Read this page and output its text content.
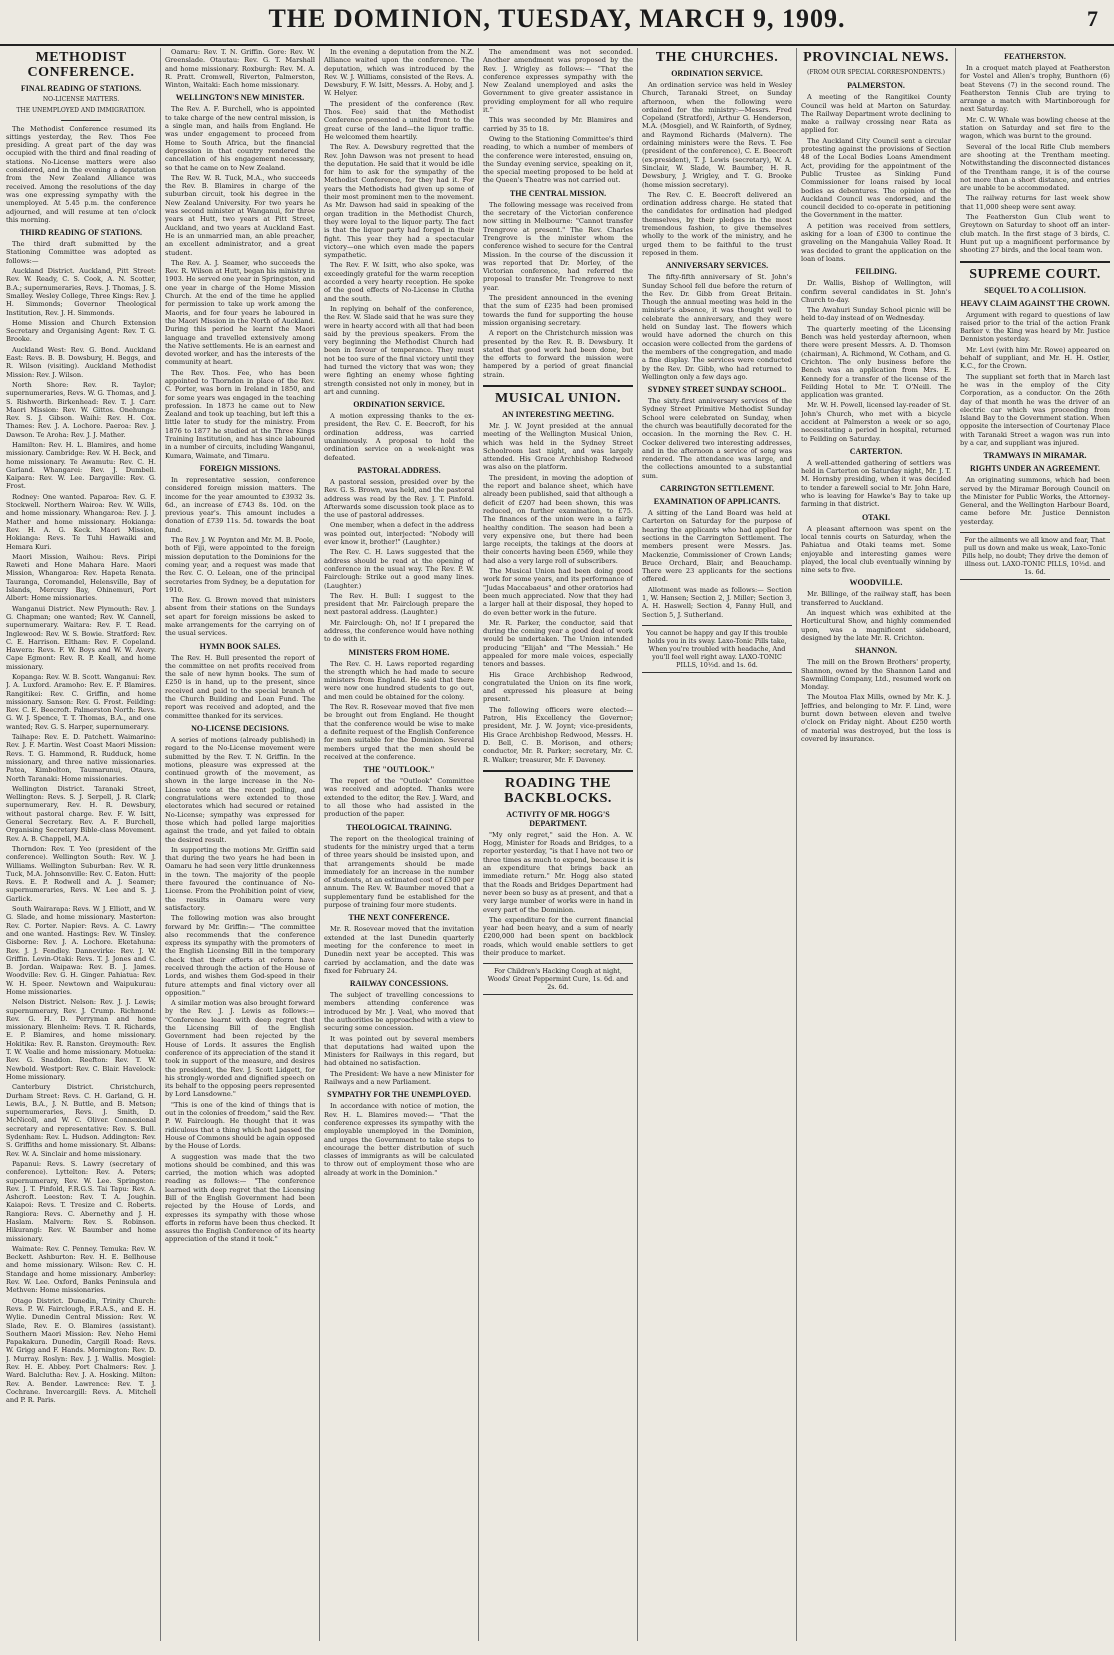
THE DOMINION, TUESDAY, MARCH 9, 1909.	7
METHODIST CONFERENCE.
FINAL READING OF STATIONS.
NO-LICENSE MATTERS.
THE UNEMPLOYED AND IMMIGRATION.

The Methodist Conference resumed its sittings yesterday, the Rev. Thos Fee presiding. A great part of the day was occupied with the third and final reading of stations. No-License matters were also considered, and in the evening a deputation from the New Zealand Alliance was received. Among the resolutions of the day was one expressing sympathy with the unemployed. At 5.45 p.m. the conference adjourned, and will resume at ten o'clock this morning.

THIRD READING OF STATIONS.

The third draft submitted by the Stationing Committee was adopted as follows:—

Auckland District. Auckland, Pitt Street: Rev. W. Ready, C. S. Cook, A. N. Scotter, B.A.; supernumeraries, Revs. J. Thomas, J. S. Smalley. Wesley College, Three Kings: Rev. J. H. Simmonds; Governor Theological Institution, Rev. J. H. Simmonds.

Home Mission and Church Extension Secretary and Organising Agent: Rev. T. G. Brooke.

Auckland West: Rev. G. Bond. Auckland East: Revs. B. B. Dowsbury, H. Beggs, and R. Wilson (visiting). Auckland Methodist Mission: Rev. J. Wilson.

North Shore: Rev. R. Taylor; supernumeraries, Revs. W. G. Thomas, and J. S. Rishworth. Birkenhead: Rev. T. J. Carr. Maori Mission: Rev. W. Gittos. Onehunga: Rev. S. J. Gibson. Waihi: Rev. H. Cox. Thames: Rev. J. A. Lochore. Paeroa: Rev. J. Dawson. Te Aroha: Rev. J. J. Mather.

Hamilton: Rev. H. L. Blamires, and home missionary. Cambridge: Rev. W. H. Beck, and home missionary. Te Awamutu: Rev. C. H. Garland. Whangarei: Rev. J. Dumbell. Kaipara: Rev. W. Lee. Dargaville: Rev. G. Frost.

Rodney: One wanted. Paparoa: Rev. G. F. Stockwell. Northern Wairoa: Rev. W. Wills, and home missionary. Whangaroa: Rev. J. J. Mather and home missionary. Hokianga: Rev. H. A. G. Keck. Maori Mission, Hokianga: Revs. Te Tuhi Hawaiki and Hemara Kuri.

Maori Mission, Waihou: Revs. Piripi Raweti and Hone Mahara Hare. Maori Mission, Whangaroa: Rev. Hapeta Renata. Tauranga, Coromandel, Helensville, Bay of Islands, Mercury Bay, Ohinemuri, Port Albert: Home missionaries.

Wanganui District. New Plymouth: Rev. J. G. Chapman; one wanted; Rev. W. Cannell, supernumerary. Waitara: Rev. F. T. Read. Inglewood: Rev. W. S. Bowie. Stratford: Rev. C. E. Harrison. Eltham: Rev. F. Copeland. Hawera: Revs. F. W. Boys and W. W. Avery. Cape Egmont: Rev. R. P. Keall, and home missionary.

Kopanga: Rev. W. B. Scott. Wanganui: Rev. J. A. Luxford. Aramoho: Rev. E. P. Blamires. Rangitikei: Rev. C. Griffin, and home missionary. Sanson: Rev. G. Frost. Feilding: Rev. C. E. Beecroft. Palmerston North: Revs. G. W. J. Spence, T. T. Thomas, B.A., and one wanted; Rev. G. S. Harper, supernumerary.

Taihape: Rev. E. D. Patchett. Waimarino: Rev. J. F. Martin. West Coast Maori Mission: Revs. T. G. Hammond, R. Rudduck, home missionary, and three native missionaries. Patea, Kimbolton, Taumarunui, Otaura, North Taranaki: Home missionaries.

Wellington District. Taranaki Street, Wellington: Revs. S. J. Serpell, J. R. Clark; supernumerary, Rev. H. R. Dewsbury, without pastoral charge. Rev. F. W. Isitt, General Secretary. Rev. A. F. Burchell, Organising Secretary Bible-class Movement. Rev. A. B. Chappell, M.A.

Thorndon: Rev. T. Yeo (president of the conference). Wellington South: Rev. W. J. Williams. Wellington Suburban: Rev. W. R. Tuck, M.A. Johnsonville: Rev. C. Eaton. Hutt: Revs. E. P. Rodwell and A. J. Seamer; supernumeraries, Revs. W. Lee and S. J. Garlick.

South Wairarapa: Revs. W. J. Elliott, and W. G. Slade, and home missionary. Masterton: Rev. C. Porter. Napier: Revs. A. C. Lawry and one wanted. Hastings: Rev. W. Tinsley. Gisborne: Rev. J. A. Lochore. Eketahuna: Rev. J. J. Fendley. Dannevirke: Rev. J. W. Griffin. Levin-Otaki: Revs. T. J. Jones and C. B. Jordan. Waipawa: Rev. B. J. James. Woodville: Rev. G. H. Ginger. Pahiatua: Rev. W. H. Speer. Newtown and Waipukurau: Home missionaries.

Nelson District. Nelson: Rev. J. J. Lewis; supernumerary, Rev. J. Crump. Richmond: Rev. G. H. D. Perryman and home missionary. Blenheim: Revs. T. R. Richards, E. P. Blamires, and home missionary. Hokitika: Rev. R. Ranston. Greymouth: Rev. T. W. Vealie and home missionary. Motueka: Rev. G. Snaddon. Reefton: Rev. T. W. Newbold. Westport: Rev. C. Blair. Havelock: Home missionary.

Canterbury District. Christchurch, Durham Street: Revs. C. H. Garland, G. H. Lewis, B.A., J. N. Buttle, and B. Metson; supernumeraries, Revs. J. Smith, D. McNicoll, and W. C. Oliver. Connexional secretary and representative: Rev. S. Bull. Sydenham: Rev. L. Hudson. Addington: Rev. S. Griffiths and home missionary. St. Albans: Rev. W. A. Sinclair and home missionary.

Papanui: Revs. S. Lawry (secretary of conference). Lyttelton: Rev. A. Peters; supernumerary, Rev. W. Lee. Springston: Rev. J. T. Pinfold, F.R.G.S. Tai Tapu: Rev. A. Ashcroft. Leeston: Rev. T. A. Joughin. Kaiapoi: Revs. T. Tresize and C. Roberts. Rangiora: Revs. C. Abernethy and J. H. Haslam. Malvern: Rev. S. Robinson. Hikurangi: Rev. W. Baumber and home missionary.

Waimate: Rev. C. Penney. Temuka: Rev. W. Beckett. Ashburton: Rev. H. E. Bellhouse and home missionary. Wilson: Rev. C. H. Standage and home missionary. Amberley: Rev. W. Lee. Oxford, Banks Peninsula and Methven: Home missionaries.

Otago District. Dunedin, Trinity Church: Revs. P. W. Fairclough, F.R.A.S., and E. H. Wylie. Dunedin Central Mission: Rev. W. Slade, Rev. E. O. Blamires (assistant). Southern Maori Mission: Rev. Neho Hemi Papakakura. Dunedin, Cargill Road: Revs. W. Grigg and F. Hands. Mornington: Rev. D. J. Murray. Roslyn: Rev. J. J. Wallis. Mosgiel: Rev. H. E. Abbey. Port Chalmers: Rev. J. Ward. Balclutha: Rev. J. A. Hosking. Milton: Rev. A. Bender. Lawrence: Rev. T. J. Cochrane. Invercargill: Revs. A. Mitchell and P. R. Paris.

Oamaru: Rev. T. N. Griffin. Gore: Rev. W. Greenslade. Otautau: Rev. G. T. Marshall and home missionary. Roxburgh: Rev. M. A. R. Pratt. Cromwell, Riverton, Palmerston, Winton, Waitaki: Each home missionary.

WELLINGTON'S NEW MINISTER.

The Rev. A. F. Burchell, who is appointed to take charge of the new central mission, is a single man, and hails from England. He was under engagement to proceed from Home to South Africa, but the financial depression in that country rendered the cancellation of his engagement necessary, so that he came on to New Zealand.

The Rev. W. R. Tuck, M.A., who succeeds the Rev. B. Blamires in charge of the suburban circuit, took his degree in the New Zealand University. For two years he was second minister at Wanganui, for three years at Hutt, two years at Pitt Street, Auckland, and two years at Auckland East. He is an unmarried man, an able preacher, an excellent administrator, and a great student.

The Rev. A. J. Seamer, who succeeds the Rev. R. Wilson at Hutt, began his ministry in 1903. He served one year in Springston, and one year in charge of the Home Mission Church. At the end of the time he applied for permission to take up work among the Maoris, and for four years he laboured in the Maori Mission in the North of Auckland. During this period he learnt the Maori language and travelled extensively among the Native settlements. He is an earnest and devoted worker, and has the interests of the community at heart.

The Rev. Thos. Fee, who has been appointed to Thorndon in place of the Rev. C. Porter, was born in Ireland in 1850, and for some years was engaged in the teaching profession. In 1873 he came out to New Zealand and took up teaching, but left this a little later to study for the ministry. From 1876 to 1877 he studied at the Three Kings Training Institution, and has since laboured in a number of circuits, including Wanganui, Kumara, Waimate, and Timaru.

FOREIGN MISSIONS.

In representative session, conference considered foreign mission matters. The income for the year amounted to £3932 3s. 6d., an increase of £743 8s. 10d. on the previous year's. This amount includes a donation of £739 11s. 5d. towards the boat fund.

The Rev. J. W. Poynton and Mr. M. B. Poole, both of Fiji, were appointed to the foreign mission deputation to the Dominions for the coming year, and a request was made that the Rev. C. O. Lelean, one of the principal secretaries from Sydney, be a deputation for 1910.

The Rev. G. Brown moved that ministers absent from their stations on the Sundays set apart for foreign missions be asked to make arrangements for the carrying on of the usual services.

HYMN BOOK SALES.

The Rev. H. Bull presented the report of the committee on net profits received from the sale of new hymn books. The sum of £250 is in hand, up to the present, since received and paid to the special branch of the Church Building and Loan Fund. The report was received and adopted, and the committee thanked for its services.

NO-LICENSE DECISIONS.

A series of motions (already published) in regard to the No-License movement were submitted by the Rev. T. N. Griffin. In the motions, pleasure was expressed at the continued growth of the movement, as shown in the large increase in the No-License vote at the recent polling, and congratulations were extended to those electorates which had secured or retained No-License; sympathy was expressed for those which had polled large majorities against the trade, and yet failed to obtain the desired result.

In supporting the motions Mr. Griffin said that during the two years he had been in Oamaru he had seen very little drunkenness in the town. The majority of the people there favoured the continuance of No-License. From the Prohibition point of view, the results in Oamaru were very satisfactory.

The following motion was also brought forward by Mr. Griffin:— "The committee also recommends that the conference express its sympathy with the promoters of the English Licensing Bill in the temporary check that their efforts at reform have received through the action of the House of Lords, and wishes them God-speed in their future attempts and final victory over all opposition."

A similar motion was also brought forward by the Rev. J. J. Lewis as follows:— "Conference learnt with deep regret that the Licensing Bill of the English Government had been rejected by the House of Lords. It assures the English conference of its appreciation of the stand it took in support of the measure, and desires the president, the Rev. J. Scott Lidgett, for his strongly-worded and dignified speech on its behalf to the opposing peers represented by Lord Lansdowne."

"This is one of the kind of things that is out in the colonies of freedom," said the Rev. P. W. Fairclough. He thought that it was ridiculous that a thing which had passed the House of Commons should be again opposed by the House of Lords.

A suggestion was made that the two motions should be combined, and this was carried, the motion which was adopted reading as follows:— "The conference learned with deep regret that the Licensing Bill of the English Government had been rejected by the House of Lords, and expresses its sympathy with those whose efforts in reform have been thus checked. It assures the English Conference of its hearty appreciation of the stand it took."

In the evening a deputation from the N.Z. Alliance waited upon the conference. The deputation, which was introduced by the Rev. W. J. Williams, consisted of the Revs. A. Dewsbury, F. W. Isitt, Messrs. A. Hoby, and J. W. Helyer.

The president of the conference (Rev. Thos. Fee) said that the Methodist Conference presented a united front to the great curse of the land—the liquor traffic. He welcomed them heartily.

The Rev. A. Dewsbury regretted that the Rev. John Dawson was not present to head the deputation. He said that it would be idle for him to ask for the sympathy of the Methodist Conference, for they had it. For years the Methodists had given up some of their most prominent men to the movement. As Mr. Dawson had said in speaking of the organ tradition in the Methodist Church, they were loyal to the liquor party. The fact is that the liquor party had forged in their fight. This year they had a spectacular victory—one which even made the papers sympathetic.

The Rev. F. W. Isitt, who also spoke, was exceedingly grateful for the warm reception accorded a very hearty reception. He spoke of the good effects of No-License in Clutha and the south.

In replying on behalf of the conference, the Rev. W. Slade said that he was sure they were in hearty accord with all that had been said by the previous speakers. From the very beginning the Methodist Church had been in favour of temperance. They must not be too sure of the final victory until they had turned the victory that was won; they were fighting an enemy whose fighting strength consisted not only in money, but in art and cunning.

ORDINATION SERVICE.

A motion expressing thanks to the ex-president, the Rev. C. E. Beecroft, for his ordination address, was carried unanimously. A proposal to hold the ordination service on a week-night was defeated.

PASTORAL ADDRESS.

A pastoral session, presided over by the Rev. G. S. Brown, was held, and the pastoral address was read by the Rev. J. T. Pinfold. Afterwards some discussion took place as to the use of pastoral addresses.

One member, when a defect in the address was pointed out, interjected: "Nobody will ever know it, brother!" (Laughter.)

The Rev. C. H. Laws suggested that the address should be read at the opening of conference in the usual way. The Rev. P. W. Fairclough: Strike out a good many lines. (Laughter.)

The Rev. H. Bull: I suggest to the president that Mr. Fairclough prepare the next pastoral address. (Laughter.)

Mr. Fairclough: Oh, no! If I prepared the address, the conference would have nothing to do with it.

MINISTERS FROM HOME.

The Rev. C. H. Laws reported regarding the strength which he had made to secure ministers from England. He said that there were now one hundred students to go out, and men could be obtained for the colony.

The Rev. R. Rosevear moved that five men be brought out from England. He thought that the conference would be wise to make a definite request of the English Conference for men suitable for the Dominion. Several members urged that the men should be received at the conference.

THE "OUTLOOK."

The report of the "Outlook" Committee was received and adopted. Thanks were extended to the editor, the Rev. J. Ward, and to all those who had assisted in the production of the paper.

THEOLOGICAL TRAINING.

The report on the theological training of students for the ministry urged that a term of three years should be insisted upon, and that arrangements should be made immediately for an increase in the number of students, at an estimated cost of £300 per annum. The Rev. W. Baumber moved that a supplementary fund be established for the purpose of training four more students.

THE NEXT CONFERENCE.

Mr. R. Rosevear moved that the invitation extended at the last Dunedin quarterly meeting for the conference to meet in Dunedin next year be accepted. This was carried by acclamation, and the date was fixed for February 24.

RAILWAY CONCESSIONS.

The subject of travelling concessions to members attending conference was introduced by Mr. J. Veal, who moved that the authorities be approached with a view to securing some concession.

It was pointed out by several members that deputations had waited upon the Ministers for Railways in this regard, but had obtained no satisfaction.

The President: We have a new Minister for Railways and a new Parliament.

SYMPATHY FOR THE UNEMPLOYED.

In accordance with notice of motion, the Rev. H. L. Blamires moved:— "That the conference expresses its sympathy with the employable unemployed in the Dominion, and urges the Government to take steps to encourage the better distribution of such classes of immigrants as will be calculated to throw out of employment those who are already at work in the Dominion."

The amendment was not seconded. Another amendment was proposed by the Rev. J. Wrigley as follows:— "That the conference expresses sympathy with the New Zealand unemployed and asks the Government to give greater assistance in providing employment for all who require it."

This was seconded by Mr. Blamires and carried by 35 to 18.

Owing to the Stationing Committee's third reading, to which a number of members of the conference were interested, ensuing on, the Sunday evening service, speaking on it, the special meeting proposed to be held at the Queen's Theatre was not carried out.

THE CENTRAL MISSION.

The following message was received from the secretary of the Victorian conference now sitting in Melbourne: "Cannot transfer Trengrove at present." The Rev. Charles Trengrove is the minister whom the conference wished to secure for the Central Mission. In the course of the discussion it was reported that Dr. Morley, of the Victorian conference, had referred the proposal to transfer Mr. Trengrove to next year.

The president announced in the evening that the sum of £235 had been promised towards the fund for supporting the house mission organising secretary.

A report on the Christchurch mission was presented by the Rev. R. B. Dewsbury. It stated that good work had been done, but the efforts to forward the mission were hampered by a period of great financial strain.

MUSICAL UNION.
AN INTERESTING MEETING.

Mr. J. W. Joynt presided at the annual meeting of the Wellington Musical Union, which was held in the Sydney Street Schoolroom last night, and was largely attended. His Grace Archbishop Redwood was also on the platform.

The president, in moving the adoption of the report and balance sheet, which have already been published, said that although a deficit of £207 had been shown, this was reduced, on further examination, to £75. The finances of the union were in a fairly healthy condition. The season had been a very expensive one, but there had been large receipts, the takings at the doors at their concerts having been £569, while they had also a very large roll of subscribers.

The Musical Union had been doing good work for some years, and its performance of "Judas Maccabaeus" and other oratorios had been much appreciated. Now that they had a larger hall at their disposal, they hoped to do even better work in the future.

Mr. R. Parker, the conductor, said that during the coming year a good deal of work would be undertaken. The Union intended producing "Elijah" and "The Messiah." He appealed for more male voices, especially tenors and basses.

His Grace Archbishop Redwood, congratulated the Union on its fine work, and expressed his pleasure at being present.

The following officers were elected:— Patron, His Excellency the Governor; president, Mr. J. W. Joynt; vice-presidents, His Grace Archbishop Redwood, Messrs. H. D. Bell, C. B. Morison, and others; conductor, Mr. R. Parker; secretary, Mr. C. R. Walker; treasurer, Mr. F. Daveney.

ROADING THE BACKBLOCKS.
ACTIVITY OF MR. HOGG'S DEPARTMENT.

"My only regret," said the Hon. A. W. Hogg, Minister for Roads and Bridges, to a reporter yesterday, "is that I have not two or three times as much to expend, because it is an expenditure that brings back an immediate return." Mr. Hogg also stated that the Roads and Bridges Department had never been so busy as at present, and that a very large number of works were in hand in every part of the Dominion.

The expenditure for the current financial year had been heavy, and a sum of nearly £200,000 had been spent on backblock roads, which would enable settlers to get their produce to market.

For Children's Hacking Cough at night, Woods' Great Peppermint Cure, 1s. 6d. and 2s. 6d.
THE CHURCHES.
ORDINATION SERVICE.

An ordination service was held in Wesley Church, Taranaki Street, on Sunday afternoon, when the following were ordained for the ministry:—Messrs. Fred Copeland (Stratford), Arthur G. Henderson, M.A. (Mosgiel), and W. Rainforth, of Sydney, and Raymond Richards (Malvern). The ordaining ministers were the Revs. T. Fee (president of the conference), C. E. Beecroft (ex-president), T. J. Lewis (secretary), W. A. Sinclair, W. Slade, W. Baumber, H. R. Dewsbury, J. Wrigley, and T. G. Brooke (home mission secretary).

The Rev. C. E. Beecroft delivered an ordination address charge. He stated that the candidates for ordination had pledged themselves, by their pledges in the most tremendous fashion, to give themselves wholly to the work of the ministry, and he urged them to be faithful to the trust reposed in them.

ANNIVERSARY SERVICES.

The fifty-fifth anniversary of St. John's Sunday School fell due before the return of the Rev. Dr. Gibb from Great Britain. Though the annual meeting was held in the minister's absence, it was thought well to celebrate the anniversary, and they were held on Sunday last. The flowers which would have adorned the church on this occasion were collected from the gardens of the members of the congregation, and made a fine display. The services were conducted by the Rev. Dr. Gibb, who had returned to Wellington only a few days ago.

SYDNEY STREET SUNDAY SCHOOL.

The sixty-first anniversary services of the Sydney Street Primitive Methodist Sunday School were celebrated on Sunday, when the church was beautifully decorated for the occasion. In the morning the Rev. C. H. Cocker delivered two interesting addresses, and in the afternoon a service of song was rendered. The attendance was large, and the collections amounted to a substantial sum.

CARRINGTON SETTLEMENT.
EXAMINATION OF APPLICANTS.

A sitting of the Land Board was held at Carterton on Saturday for the purpose of hearing the applicants who had applied for sections in the Carrington Settlement. The members present were Messrs. Jas. Mackenzie, Commissioner of Crown Lands; Bruce Orchard, Blair, and Beauchamp. There were 23 applicants for the sections offered.

Allotment was made as follows:— Section 1, W. Hansen; Section 2, J. Miller; Section 3, A. H. Haswell; Section 4, Fanny Hull, and Section 5, J. Sutherland.

You cannot be happy and gay If this trouble holds you in its sway. Laxo-Tonic Pills take, When you're troubled with headache, And you'll feel well right away. LAXO-TONIC PILLS, 10½d. and 1s. 6d.
PROVINCIAL NEWS.
(FROM OUR SPECIAL CORRESPONDENTS.)
PALMERSTON.

A meeting of the Rangitikei County Council was held at Marton on Saturday. The Railway Department wrote declining to make a railway crossing near Rata as applied for.

The Auckland City Council sent a circular protesting against the provisions of Section 48 of the Local Bodies Loans Amendment Act, providing for the appointment of the Public Trustee as Sinking Fund Commissioner for loans raised by local bodies as debentures. The opinion of the Auckland Council was endorsed, and the council decided to co-operate in petitioning the Government in the matter.

A petition was received from settlers, asking for a loan of £300 to continue the graveling on the Mangahuia Valley Road. It was decided to grant the application on the loan of loans.

FEILDING.

Dr. Wallis, Bishop of Wellington, will confirm several candidates in St. John's Church to-day.

The Awahuri Sunday School picnic will be held to-day instead of on Wednesday.

The quarterly meeting of the Licensing Bench was held yesterday afternoon, when there were present Messrs. A. D. Thomson (chairman), A. Richmond, W. Cotham, and G. Crichton. The only business before the Bench was an application from Mrs. E. Kennedy for a transfer of the license of the Feilding Hotel to Mr. T. O'Neill. The application was granted.

Mr. W. H. Powell, licensed lay-reader of St. John's Church, who met with a bicycle accident at Palmerston a week or so ago, necessitating a period in hospital, returned to Feilding on Saturday.

CARTERTON.

A well-attended gathering of settlers was held in Carterton on Saturday night, Mr. J. T. M. Hornsby presiding, when it was decided to tender a farewell social to Mr. John Hare, who is leaving for Hawke's Bay to take up farming in that district.

OTAKI.

A pleasant afternoon was spent on the local tennis courts on Saturday, when the Pahiatua and Otaki teams met. Some enjoyable and interesting games were played, the local club eventually winning by nine sets to five.

WOODVILLE.

Mr. Billinge, of the railway staff, has been transferred to Auckland.

An inquest which was exhibited at the Horticultural Show, and highly commended upon, was a magnificent sideboard, designed by the late Mr. R. Crichton.

SHANNON.

The mill on the Brown Brothers' property, Shannon, owned by the Shannon Land and Sawmilling Company, Ltd., resumed work on Monday.

The Moutoa Flax Mills, owned by Mr. K. J. Jeffries, and belonging to Mr. F. Lind, were burnt down between eleven and twelve o'clock on Friday night. About £250 worth of material was destroyed, but the loss is covered by insurance.

FEATHERSTON.

In a croquet match played at Featherston for Vostel and Allen's trophy, Bunthorn (6) beat Stevens (7) in the second round. The Featherston Tennis Club are trying to arrange a match with Martinborough for next Saturday.

Mr. C. W. Whale was bowling cheese at the station on Saturday and set fire to the wagon, which was burnt to the ground.

Several of the local Rifle Club members are shooting at the Trentham meeting. Notwithstanding the disconnected distances of the Trentham range, it is of the course not more than a short distance, and entries are unable to be accommodated.

The railway returns for last week show that 11,000 sheep were sent away.

The Featherston Gun Club went to Greytown on Saturday to shoot off an inter-club match. In the first stage of 3 birds, C. Hunt put up a magnificent performance by shooting 27 birds, and the local team won.

SUPREME COURT.
SEQUEL TO A COLLISION.
HEAVY CLAIM AGAINST THE CROWN.

Argument with regard to questions of law raised prior to the trial of the action Frank Barker v. the King was heard by Mr. Justice Denniston yesterday.

Mr. Levi (with him Mr. Rowe) appeared on behalf of suppliant, and Mr. H. H. Ostler, K.C., for the Crown.

The suppliant set forth that in March last he was in the employ of the City Corporation, as a conductor. On the 26th day of that month he was the driver of an electric car which was proceeding from Island Bay to the Government station. When opposite the intersection of Courtenay Place with Taranaki Street a wagon was run into by a car, and suppliant was injured.

TRAMWAYS IN MIRAMAR.
RIGHTS UNDER AN AGREEMENT.

An originating summons, which had been served by the Miramar Borough Council on the Minister for Public Works, the Attorney-General, and the Wellington Harbour Board, came before Mr. Justice Denniston yesterday.

For the ailments we all know and fear, That pull us down and make us weak, Laxo-Tonic Pills help, no doubt; They drive the demon of illness out. LAXO-TONIC PILLS, 10½d. and 1s. 6d.
